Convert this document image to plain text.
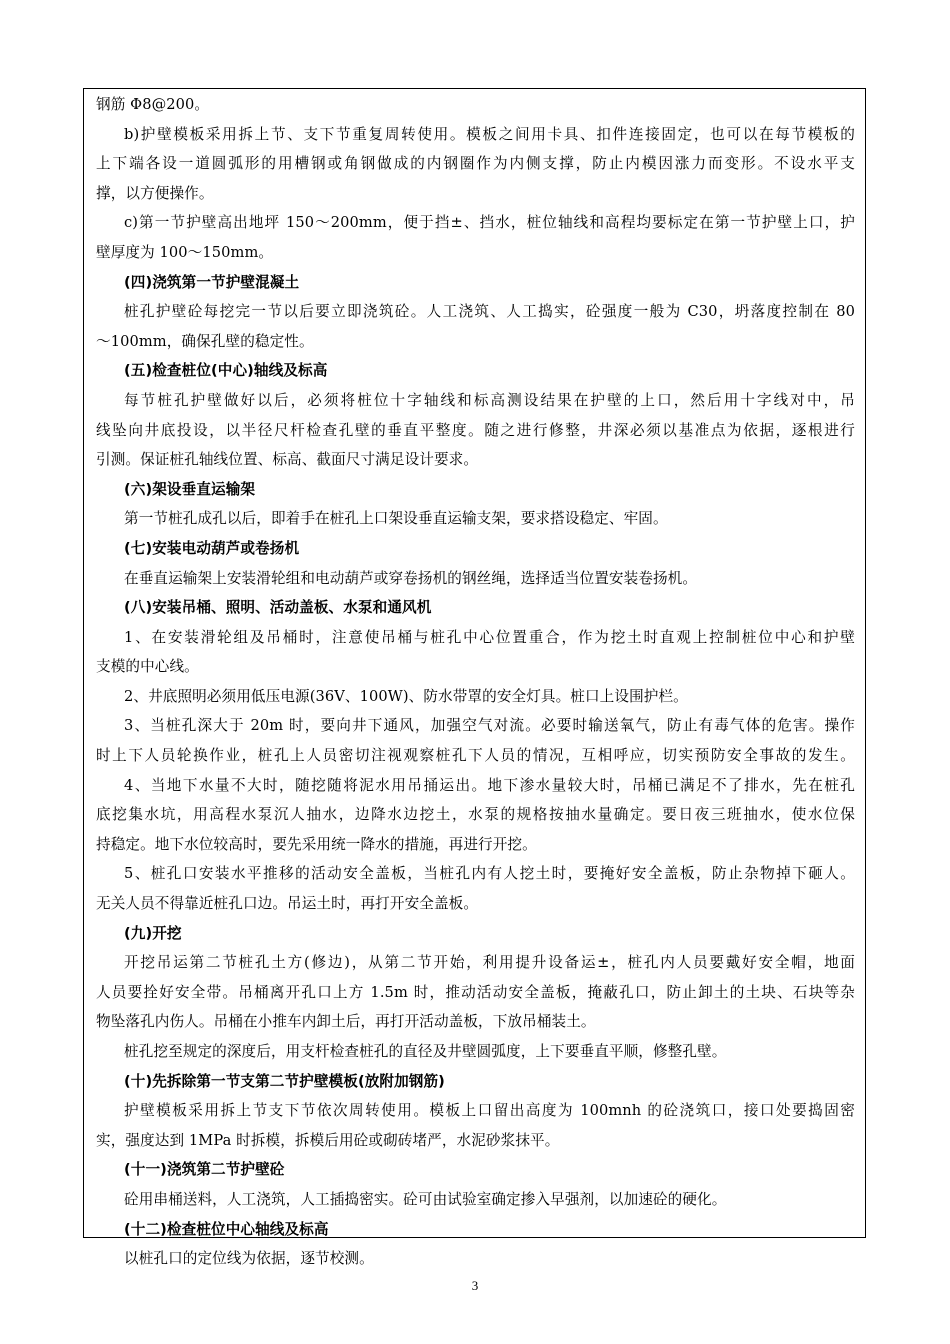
钢筋 Φ8@200。
b)护壁模板采用拆上节、支下节重复周转使用。模板之间用卡具、扣件连接固定，也可以在每节模板的
上下端各设一道圆弧形的用槽钢或角钢做成的内钢圈作为内侧支撑，防止内模因涨力而变形。不设水平支
撑，以方便操作。
c)第一节护壁高出地坪 150～200mm，便于挡±、挡水，桩位轴线和高程均要标定在第一节护壁上口，护
壁厚度为 100～150mm。
(四)浇筑第一节护壁混凝土
桩孔护壁砼每挖完一节以后要立即浇筑砼。人工浇筑、人工捣实，砼强度一般为 C30，坍落度控制在 80
～100mm，确保孔壁的稳定性。
(五)检查桩位(中心)轴线及标高
每节桩孔护壁做好以后，必须将桩位十字轴线和标高测设结果在护壁的上口，然后用十字线对中，吊
线坠向井底投设，以半径尺杆检查孔壁的垂直平整度。随之进行修整，井深必须以基准点为依据，逐根进行
引测。保证桩孔轴线位置、标高、截面尺寸满足设计要求。
(六)架设垂直运输架
第一节桩孔成孔以后，即着手在桩孔上口架设垂直运输支架，要求搭设稳定、牢固。
(七)安装电动葫芦或卷扬机
在垂直运输架上安装滑轮组和电动葫芦或穿卷扬机的钢丝绳，选择适当位置安装卷扬机。
(八)安装吊桶、照明、活动盖板、水泵和通风机
1、在安装滑轮组及吊桶时，注意使吊桶与桩孔中心位置重合，作为挖土时直观上控制桩位中心和护壁
支模的中心线。
2、井底照明必须用低压电源(36V、100W)、防水带罩的安全灯具。桩口上设围护栏。
3、当桩孔深大于 20m 时，要向井下通风，加强空气对流。必要时输送氧气，防止有毒气体的危害。操作
时上下人员轮换作业，桩孔上人员密切注视观察桩孔下人员的情况，互相呼应，切实预防安全事故的发生。
4、当地下水量不大时，随挖随将泥水用吊捅运出。地下渗水量较大时，吊桶已满足不了排水，先在桩孔
底挖集水坑，用高程水泵沉人抽水，边降水边挖土，水泵的规格按抽水量确定。要日夜三班抽水，使水位保
持稳定。地下水位较高时，要先采用统一降水的措施，再进行开挖。
5、桩孔口安装水平推移的活动安全盖板，当桩孔内有人挖土时，要掩好安全盖板，防止杂物掉下砸人。
无关人员不得靠近桩孔口边。吊运土时，再打开安全盖板。
(九)开挖
开挖吊运第二节桩孔土方(修边)，从第二节开始，利用提升设备运±，桩孔内人员要戴好安全帽，地面
人员要拴好安全带。吊桶离开孔口上方 1.5m 时，推动活动安全盖板，掩蔽孔口，防止卸土的土块、石块等杂
物坠落孔内伤人。吊桶在小推车内卸土后，再打开活动盖板，下放吊桶装土。
桩孔挖至规定的深度后，用支杆检查桩孔的直径及井壁圆弧度，上下要垂直平顺，修整孔壁。
(十)先拆除第一节支第二节护壁模板(放附加钢筋)
护壁模板采用拆上节支下节依次周转使用。模板上口留出高度为 100mnh 的砼浇筑口，接口处要捣固密
实，强度达到 1MPa 时拆模，拆模后用砼或砌砖堵严，水泥砂浆抹平。
(十一)浇筑第二节护壁砼
砼用串桶送料，人工浇筑，人工插捣密实。砼可由试验室确定掺入早强剂，以加速砼的硬化。
(十二)检查桩位中心轴线及标高
以桩孔口的定位线为依据，逐节校测。
3
